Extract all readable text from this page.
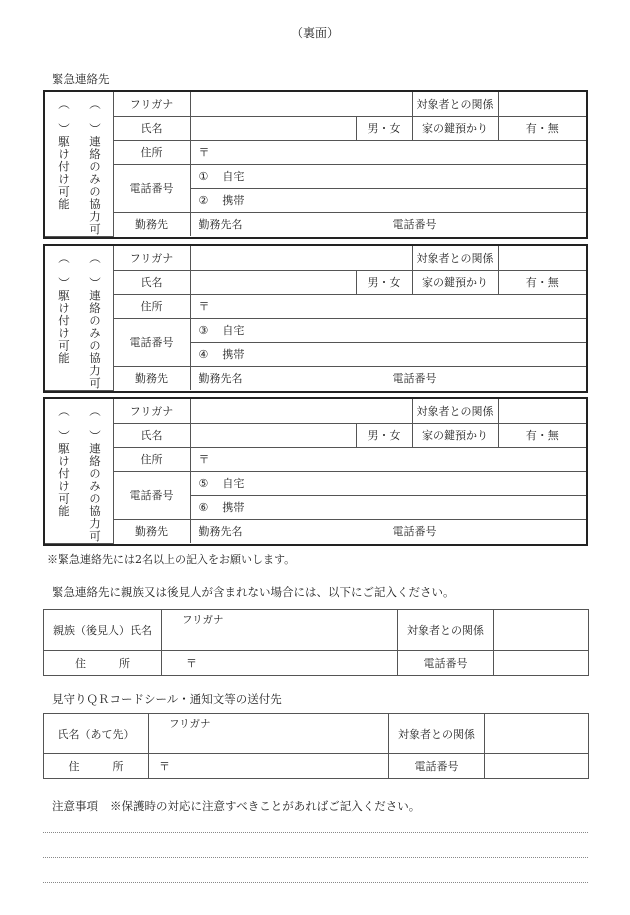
（裏面）
緊急連絡先
（　）駆け付け可能 （　）連絡のみの協力可	フリガナ			対象者との関係	
	氏名		男・女	家の鍵預かり	有・無
	住所	〒			
	電話番号	① 自宅			
		② 携帯			
	勤務先	勤務先名 電話番号			
（　）駆け付け可能 （　）連絡のみの協力可	フリガナ			対象者との関係	
	氏名		男・女	家の鍵預かり	有・無
	住所	〒			
	電話番号	③ 自宅			
		④ 携帯			
	勤務先	勤務先名 電話番号			
（　）駆け付け可能 （　）連絡のみの協力可	フリガナ			対象者との関係	
	氏名		男・女	家の鍵預かり	有・無
	住所	〒			
	電話番号	⑤ 自宅			
		⑥ 携帯			
	勤務先	勤務先名 電話番号			
※緊急連絡先には2名以上の記入をお願いします。
緊急連絡先に親族又は後見人が含まれない場合には、以下にご記入ください。
親族（後見人）氏名	フリガナ	対象者との関係	
住　　　所	〒	電話番号	
見守りＱＲコードシール・通知文等の送付先
氏名（あて先）	フリガナ	対象者との関係	
住　　　所	〒	電話番号	
注意事項 ※保護時の対応に注意すべきことがあればご記入ください。
